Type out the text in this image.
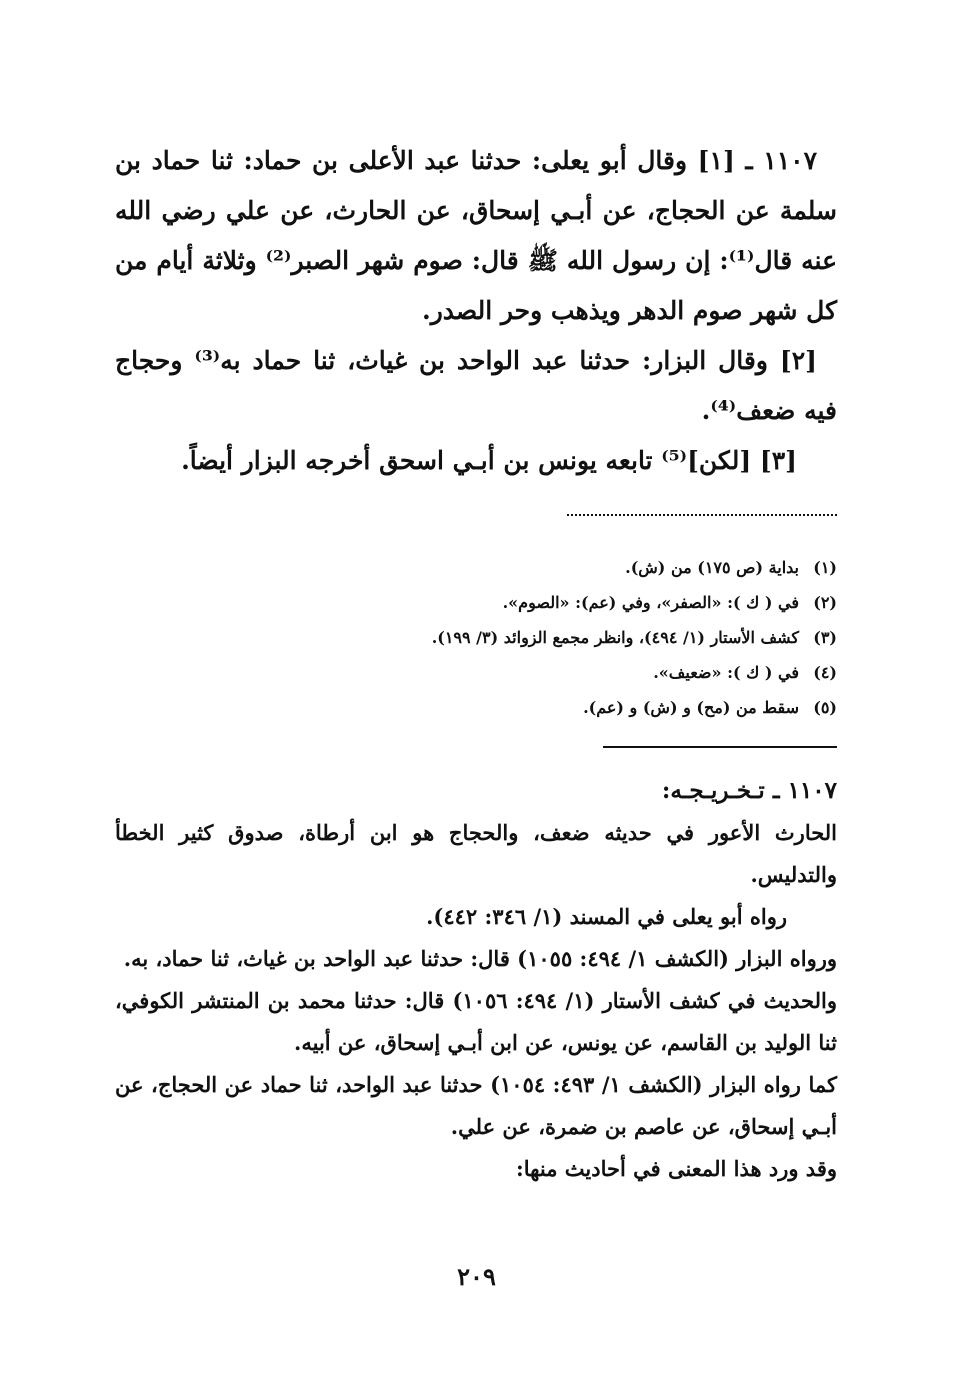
١١٠٧ ـ [١] وقال أبو يعلى: حدثنا عبد الأعلى بن حماد: ثنا حماد بن سلمة عن الحجاج، عن أبـي إسحاق، عن الحارث، عن علي رضي الله عنه قال⁽¹⁾: إن رسول الله ﷺ قال: صوم شهر الصبر⁽²⁾ وثلاثة أيام من كل شهر صوم الدهر ويذهب وحر الصدر.

[٢] وقال البزار: حدثنا عبد الواحد بن غياث، ثنا حماد به⁽³⁾ وحجاج فيه ضعف⁽⁴⁾.

[٣] [لكن]⁽⁵⁾ تابعه يونس بن أبـي اسحق أخرجه البزار أيضاً.

(١)
بداية (ص ١٧٥) من (ش).
(٢)
في ( ك ): «الصفر»، وفي (عم): «الصوم».
(٣)
كشف الأستار (١/ ٤٩٤)، وانظر مجمع الزوائد (٣/ ١٩٩).
(٤)
في ( ك ): «ضعيف».
(٥)
سقط من (مح) و (ش) و (عم).

١١٠٧ ـ تـخـريـجـه:

الحارث الأعور في حديثه ضعف، والحجاج هو ابن أرطاة، صدوق كثير الخطأ والتدليس.

رواه أبو يعلى في المسند (١/ ٣٤٦: ٤٤٢).

ورواه البزار (الكشف ١/ ٤٩٤: ١٠٥٥) قال: حدثنا عبد الواحد بن غياث، ثنا حماد، به.

والحديث في كشف الأستار (١/ ٤٩٤: ١٠٥٦) قال: حدثنا محمد بن المنتشر الكوفي، ثنا الوليد بن القاسم، عن يونس، عن ابن أبـي إسحاق، عن أبيه.

كما رواه البزار (الكشف ١/ ٤٩٣: ١٠٥٤) حدثنا عبد الواحد، ثنا حماد عن الحجاج، عن أبـي إسحاق، عن عاصم بن ضمرة، عن علي.

وقد ورد هذا المعنى في أحاديث منها:

٢٠٩
